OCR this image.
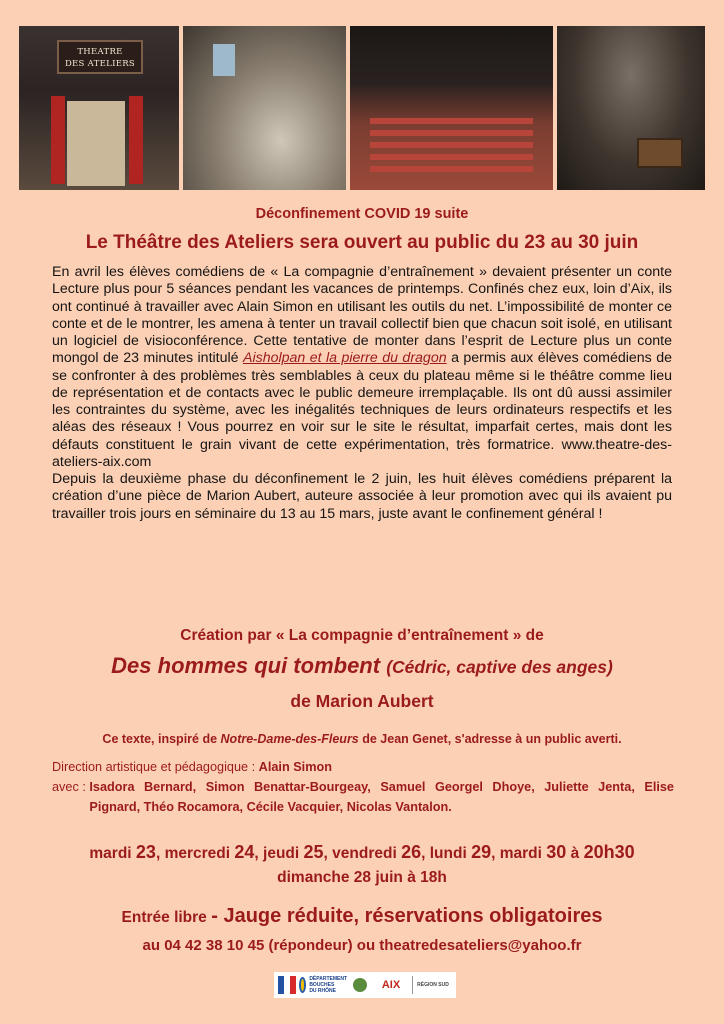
THEATRE
DES ATELIERS
Déconfinement COVID 19 suite
Le Théâtre des Ateliers sera ouvert au public du 23 au 30 juin

En avril les élèves comédiens de « La compagnie d’entraînement » devaient présenter un conte Lecture plus pour 5 séances pendant les vacances de printemps. Confinés chez eux, loin d’Aix, ils ont continué à travailler avec Alain Simon en utilisant les outils du net. L’impossibilité de monter ce conte et de le montrer, les amena à tenter un travail collectif bien que chacun soit isolé, en utilisant un logiciel de visioconférence. Cette tentative de monter dans l’esprit de Lecture plus un conte mongol de 23 minutes intitulé Aisholpan et la pierre du dragon a permis aux élèves comédiens de se confronter à des problèmes très semblables à ceux du plateau même si le théâtre comme lieu de représentation et de contacts avec le public demeure irremplaçable. Ils ont dû aussi assimiler les contraintes du système, avec les inégalités techniques de leurs ordinateurs respectifs et les aléas des réseaux ! Vous pourrez en voir sur le site le résultat, imparfait certes, mais dont les défauts constituent le grain vivant de cette expérimentation, très formatrice. www.theatre-des-ateliers-aix.com

Depuis la deuxième phase du déconfinement le 2 juin, les huit élèves comédiens préparent la création d’une pièce de Marion Aubert, auteure associée à leur promotion avec qui ils avaient pu travailler trois jours en séminaire du 13 au 15 mars, juste avant le confinement général !

Création par « La compagnie d’entraînement » de
Des hommes qui tombent (Cédric, captive des anges)
de Marion Aubert
Ce texte, inspiré de Notre-Dame-des-Fleurs de Jean Genet, s'adresse à un public averti.
Direction artistique et pédagogique : Alain Simon
avec : Isadora Bernard, Simon Benattar-Bourgeay, Samuel Georgel Dhoye, Juliette Jenta, Elise Pignard, Théo Rocamora, Cécile Vacquier, Nicolas Vantalon.
mardi 23, mercredi 24, jeudi 25, vendredi 26, lundi 29, mardi 30 à 20h30
dimanche 28 juin à 18h
Entrée libre - Jauge réduite, réservations obligatoires
au 04 42 38 10 45 (répondeur) ou theatredesateliers@yahoo.fr
DÉPARTEMENT
BOUCHES
DU RHÔNE	AIX	RÉGION SUD
